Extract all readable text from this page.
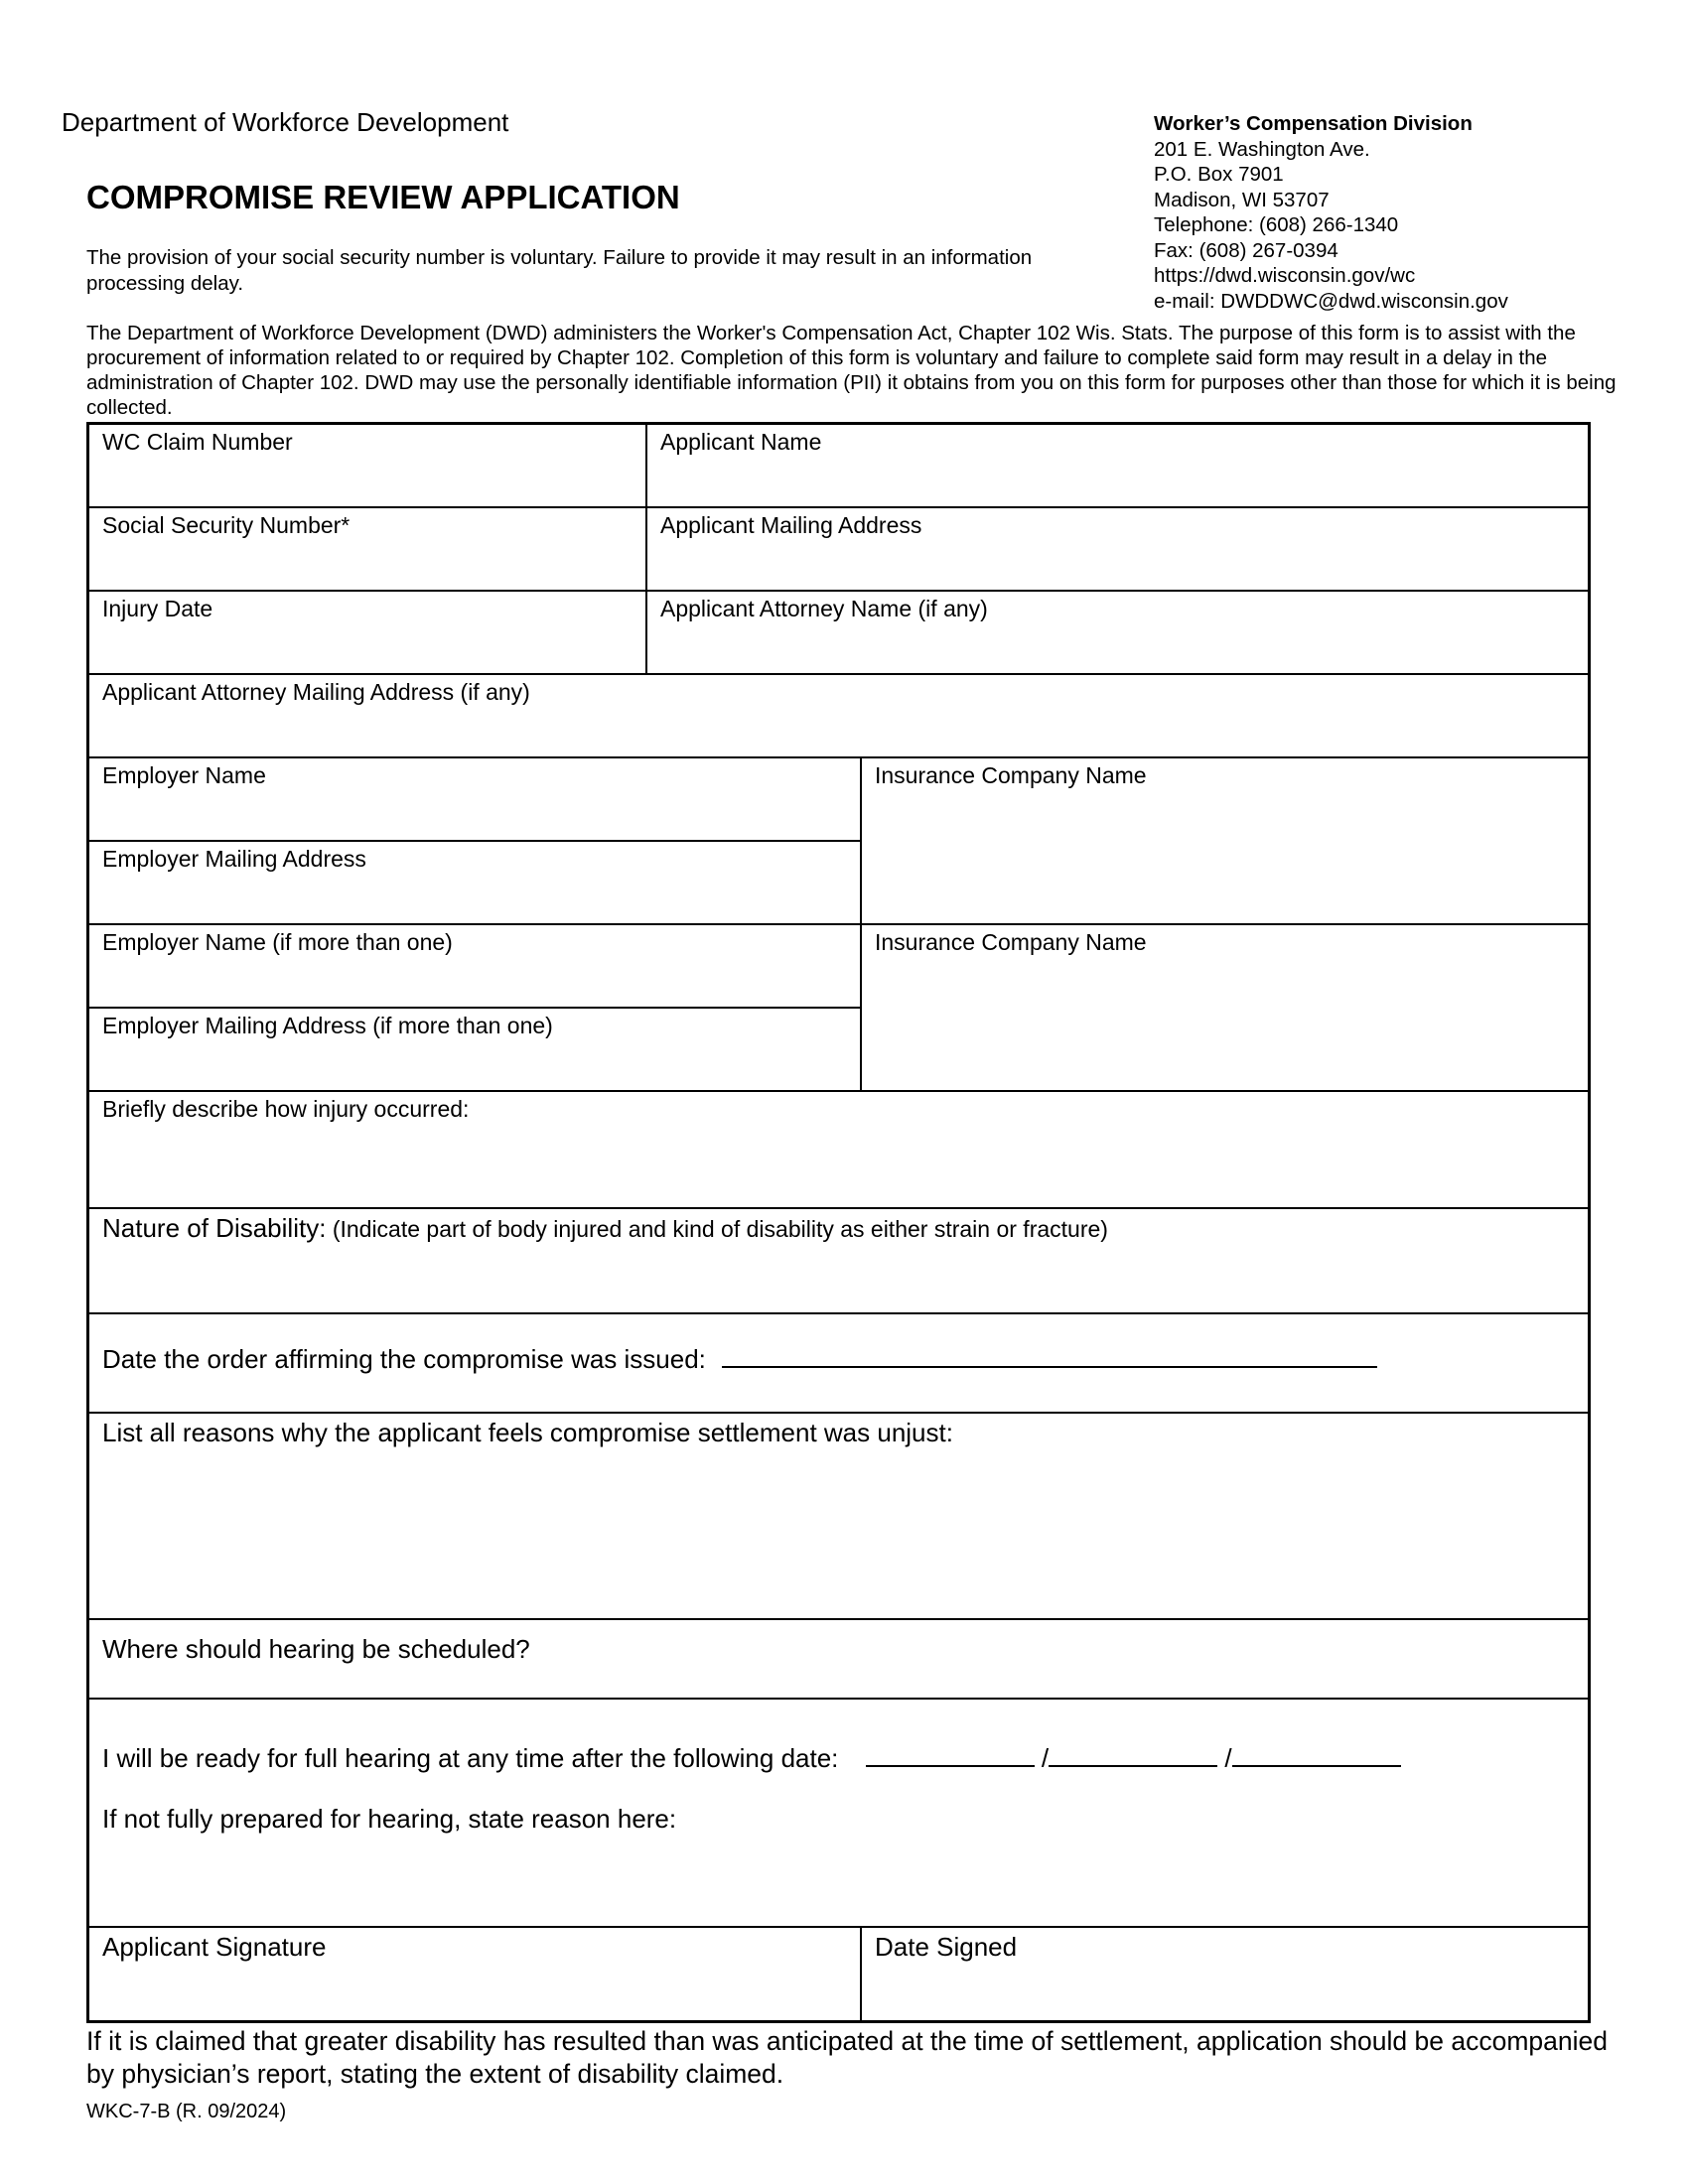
Department of Workforce Development
COMPROMISE REVIEW APPLICATION
The provision of your social security number is voluntary. Failure to provide it may result in an information processing delay.
The Department of Workforce Development (DWD) administers the Worker's Compensation Act, Chapter 102 Wis. Stats. The purpose of this form is to assist with the procurement of information related to or required by Chapter 102. Completion of this form is voluntary and failure to complete said form may result in a delay in the administration of Chapter 102. DWD may use the personally identifiable information (PII) it obtains from you on this form for purposes other than those for which it is being collected.
Worker’s Compensation Division
201 E. Washington Ave.
P.O. Box 7901
Madison, WI 53707
Telephone: (608) 266-1340
Fax: (608) 267-0394
https://dwd.wisconsin.gov/wc
e-mail: DWDDWC@dwd.wisconsin.gov
WC Claim Number	Applicant Name
Social Security Number*	Applicant Mailing Address
Injury Date	Applicant Attorney Name (if any)
Applicant Attorney Mailing Address (if any)
Employer Name
Employer Mailing Address
Insurance Company Name
Employer Name (if more than one)
Employer Mailing Address (if more than one)
Insurance Company Name
Briefly describe how injury occurred:
Nature of Disability: (Indicate part of body injured and kind of disability as either strain or fracture)
Date the order affirming the compromise was issued:
List all reasons why the applicant feels compromise settlement was unjust:
Where should hearing be scheduled?
I will be ready for full hearing at any time after the following date:	/	/
If not fully prepared for hearing, state reason here:
Applicant Signature	Date Signed
If it is claimed that greater disability has resulted than was anticipated at the time of settlement, application should be accompanied by physician’s report, stating the extent of disability claimed.
WKC-7-B (R. 09/2024)
